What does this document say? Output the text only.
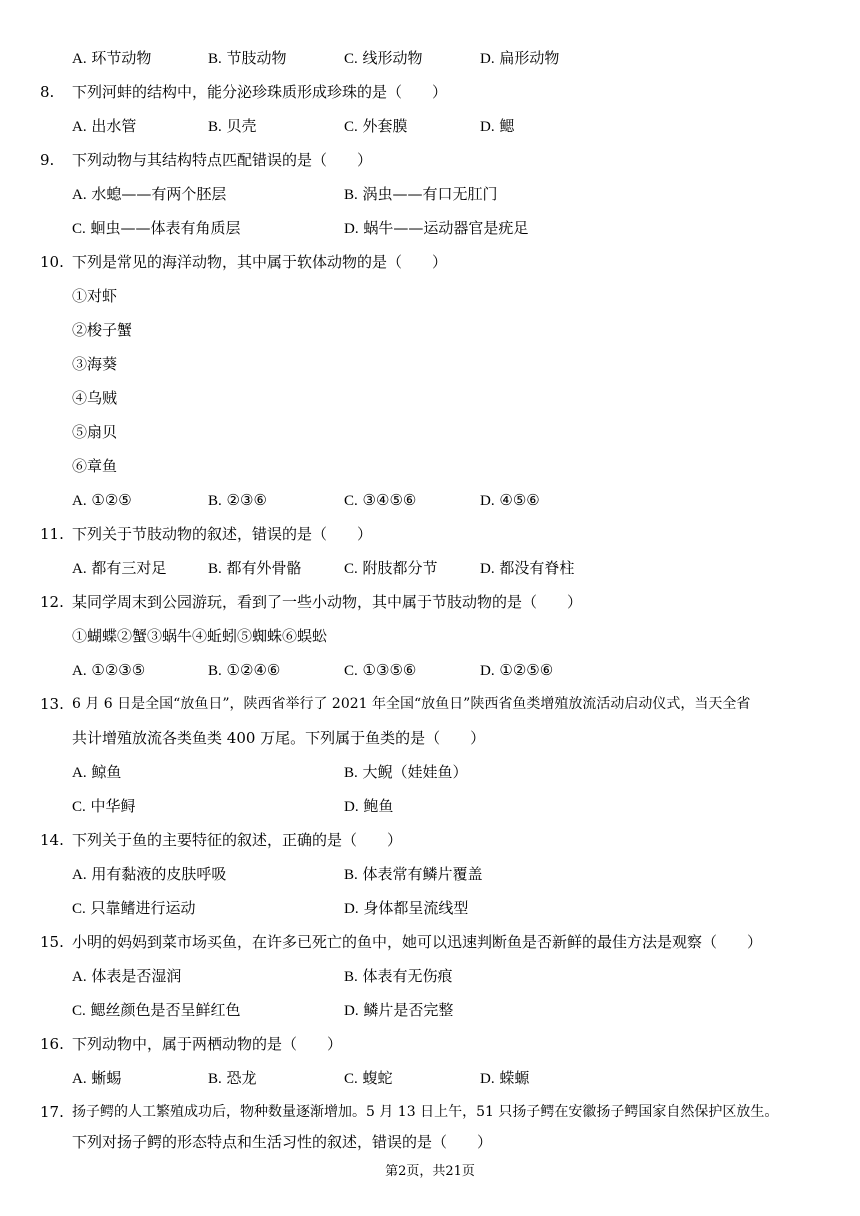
A. 环节动物	B. 节肢动物	C. 线形动物	D. 扁形动物
8. 下列河蚌的结构中，能分泌珍珠质形成珍珠的是（　　）
A. 出水管	B. 贝壳	C. 外套膜	D. 鳃
9. 下列动物与其结构特点匹配错误的是（　　）
A. 水螅——有两个胚层	B. 涡虫——有口无肛门
C. 蛔虫——体表有角质层	D. 蜗牛——运动器官是疣足
10. 下列是常见的海洋动物，其中属于软体动物的是（　　）
①对虾
②梭子蟹
③海葵
④乌贼
⑤扇贝
⑥章鱼
A. ①②⑤	B. ②③⑥	C. ③④⑤⑥	D. ④⑤⑥
11. 下列关于节肢动物的叙述，错误的是（　　）
A. 都有三对足	B. 都有外骨骼	C. 附肢都分节	D. 都没有脊柱
12. 某同学周末到公园游玩，看到了一些小动物，其中属于节肢动物的是（　　）
①蝴蝶②蟹③蜗牛④蚯蚓⑤蜘蛛⑥蜈蚣
A. ①②③⑤	B. ①②④⑥	C. ①③⑤⑥	D. ①②⑤⑥
13. 6 月 6 日是全国“放鱼日”，陕西省举行了 2021 年全国“放鱼日”陕西省鱼类增殖放流活动启动仪式，当天全省
共计增殖放流各类鱼类 400 万尾。下列属于鱼类的是（　　）
A. 鲸鱼	B. 大鲵（娃娃鱼）
C. 中华鲟	D. 鲍鱼
14. 下列关于鱼的主要特征的叙述，正确的是（　　）
A. 用有黏液的皮肤呼吸	B. 体表常有鳞片覆盖
C. 只靠鳍进行运动	D. 身体都呈流线型
15. 小明的妈妈到菜市场买鱼，在许多已死亡的鱼中，她可以迅速判断鱼是否新鲜的最佳方法是观察（　　）
A. 体表是否湿润	B. 体表有无伤痕
C. 鳃丝颜色是否呈鲜红色	D. 鳞片是否完整
16. 下列动物中，属于两栖动物的是（　　）
A. 蜥蜴	B. 恐龙	C. 蝮蛇	D. 蝾螈
17. 扬子鳄的人工繁殖成功后，物种数量逐渐增加。5 月 13 日上午，51 只扬子鳄在安徽扬子鳄国家自然保护区放生。
下列对扬子鳄的形态特点和生活习性的叙述，错误的是（　　）
第2页，共21页
